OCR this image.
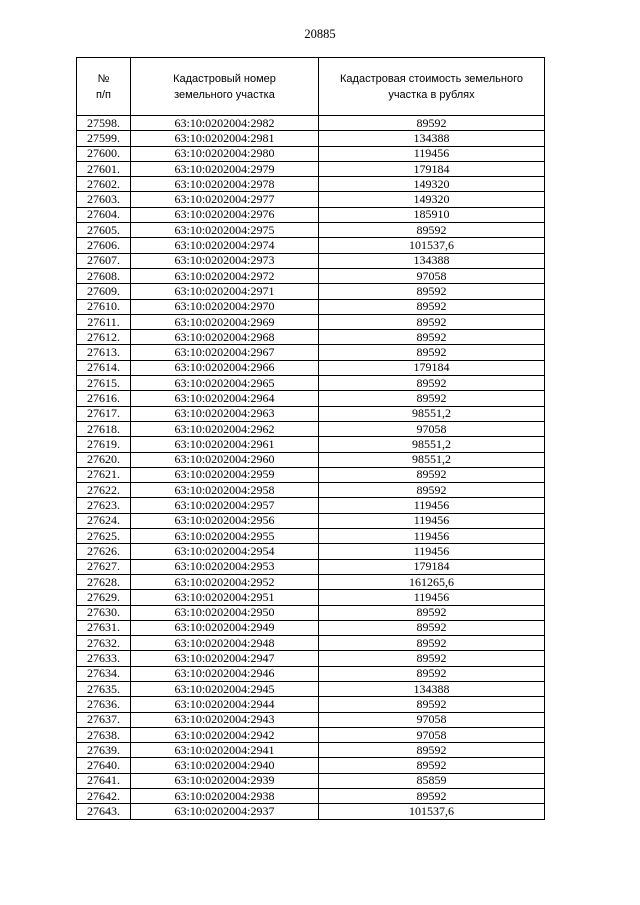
20885
№
п/п	Кадастровый номер земельного участка	Кадастровая стоимость земельного участка в рублях
27598.	63:10:0202004:2982	89592
27599.	63:10:0202004:2981	134388
27600.	63:10:0202004:2980	119456
27601.	63:10:0202004:2979	179184
27602.	63:10:0202004:2978	149320
27603.	63:10:0202004:2977	149320
27604.	63:10:0202004:2976	185910
27605.	63:10:0202004:2975	89592
27606.	63:10:0202004:2974	101537,6
27607.	63:10:0202004:2973	134388
27608.	63:10:0202004:2972	97058
27609.	63:10:0202004:2971	89592
27610.	63:10:0202004:2970	89592
27611.	63:10:0202004:2969	89592
27612.	63:10:0202004:2968	89592
27613.	63:10:0202004:2967	89592
27614.	63:10:0202004:2966	179184
27615.	63:10:0202004:2965	89592
27616.	63:10:0202004:2964	89592
27617.	63:10:0202004:2963	98551,2
27618.	63:10:0202004:2962	97058
27619.	63:10:0202004:2961	98551,2
27620.	63:10:0202004:2960	98551,2
27621.	63:10:0202004:2959	89592
27622.	63:10:0202004:2958	89592
27623.	63:10:0202004:2957	119456
27624.	63:10:0202004:2956	119456
27625.	63:10:0202004:2955	119456
27626.	63:10:0202004:2954	119456
27627.	63:10:0202004:2953	179184
27628.	63:10:0202004:2952	161265,6
27629.	63:10:0202004:2951	119456
27630.	63:10:0202004:2950	89592
27631.	63:10:0202004:2949	89592
27632.	63:10:0202004:2948	89592
27633.	63:10:0202004:2947	89592
27634.	63:10:0202004:2946	89592
27635.	63:10:0202004:2945	134388
27636.	63:10:0202004:2944	89592
27637.	63:10:0202004:2943	97058
27638.	63:10:0202004:2942	97058
27639.	63:10:0202004:2941	89592
27640.	63:10:0202004:2940	89592
27641.	63:10:0202004:2939	85859
27642.	63:10:0202004:2938	89592
27643.	63:10:0202004:2937	101537,6
